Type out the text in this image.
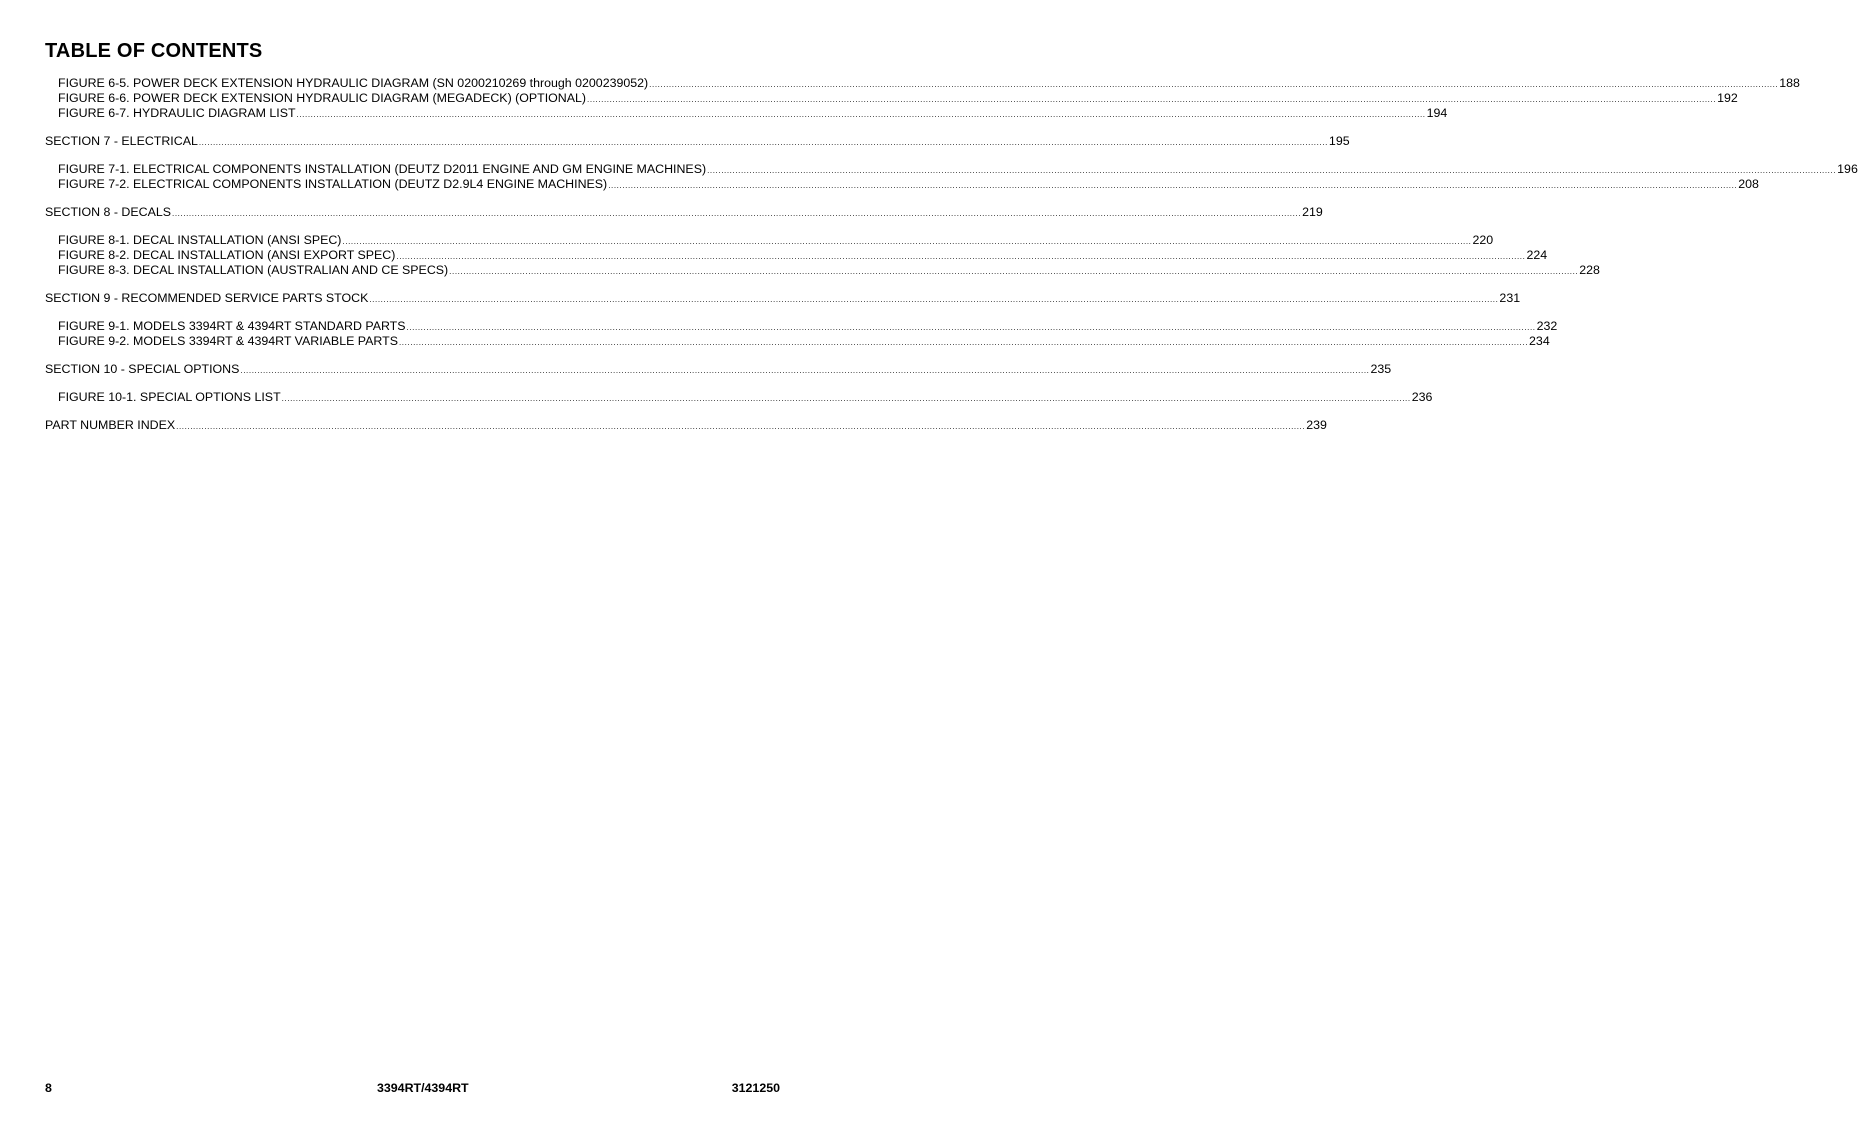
TABLE OF CONTENTS
FIGURE 6-5. POWER DECK EXTENSION HYDRAULIC DIAGRAM (SN 0200210269 through 0200239052) ................................................................................................................................................................................................................................................................................................................................................................................................................ 188
FIGURE 6-6. POWER DECK EXTENSION HYDRAULIC DIAGRAM (MEGADECK) (OPTIONAL) ................................................................................................................................................................................................................................................................................................................................................................................................................ 192
FIGURE 6-7. HYDRAULIC DIAGRAM LIST ................................................................................................................................................................................................................................................................................................................................................................................................................ 194
SECTION 7 - ELECTRICAL ................................................................................................................................................................................................................................................................................................................................................................................................................ 195
FIGURE 7-1. ELECTRICAL COMPONENTS INSTALLATION (DEUTZ D2011 ENGINE AND GM ENGINE MACHINES) ................................................................................................................................................................................................................................................................................................................................................................................................................ 196
FIGURE 7-2. ELECTRICAL COMPONENTS INSTALLATION (DEUTZ D2.9L4 ENGINE MACHINES) ................................................................................................................................................................................................................................................................................................................................................................................................................ 208
SECTION 8 - DECALS ................................................................................................................................................................................................................................................................................................................................................................................................................ 219
FIGURE 8-1. DECAL INSTALLATION (ANSI SPEC) ................................................................................................................................................................................................................................................................................................................................................................................................................ 220
FIGURE 8-2. DECAL INSTALLATION (ANSI EXPORT SPEC) ................................................................................................................................................................................................................................................................................................................................................................................................................ 224
FIGURE 8-3. DECAL INSTALLATION (AUSTRALIAN AND CE SPECS) ................................................................................................................................................................................................................................................................................................................................................................................................................ 228
SECTION 9 - RECOMMENDED SERVICE PARTS STOCK ................................................................................................................................................................................................................................................................................................................................................................................................................ 231
FIGURE 9-1. MODELS 3394RT & 4394RT STANDARD PARTS ................................................................................................................................................................................................................................................................................................................................................................................................................ 232
FIGURE 9-2. MODELS 3394RT & 4394RT VARIABLE PARTS ................................................................................................................................................................................................................................................................................................................................................................................................................ 234
SECTION 10 - SPECIAL OPTIONS ................................................................................................................................................................................................................................................................................................................................................................................................................ 235
FIGURE 10-1. SPECIAL OPTIONS LIST ................................................................................................................................................................................................................................................................................................................................................................................................................ 236
PART NUMBER INDEX ................................................................................................................................................................................................................................................................................................................................................................................................................ 239
8	3394RT/4394RT	3121250
